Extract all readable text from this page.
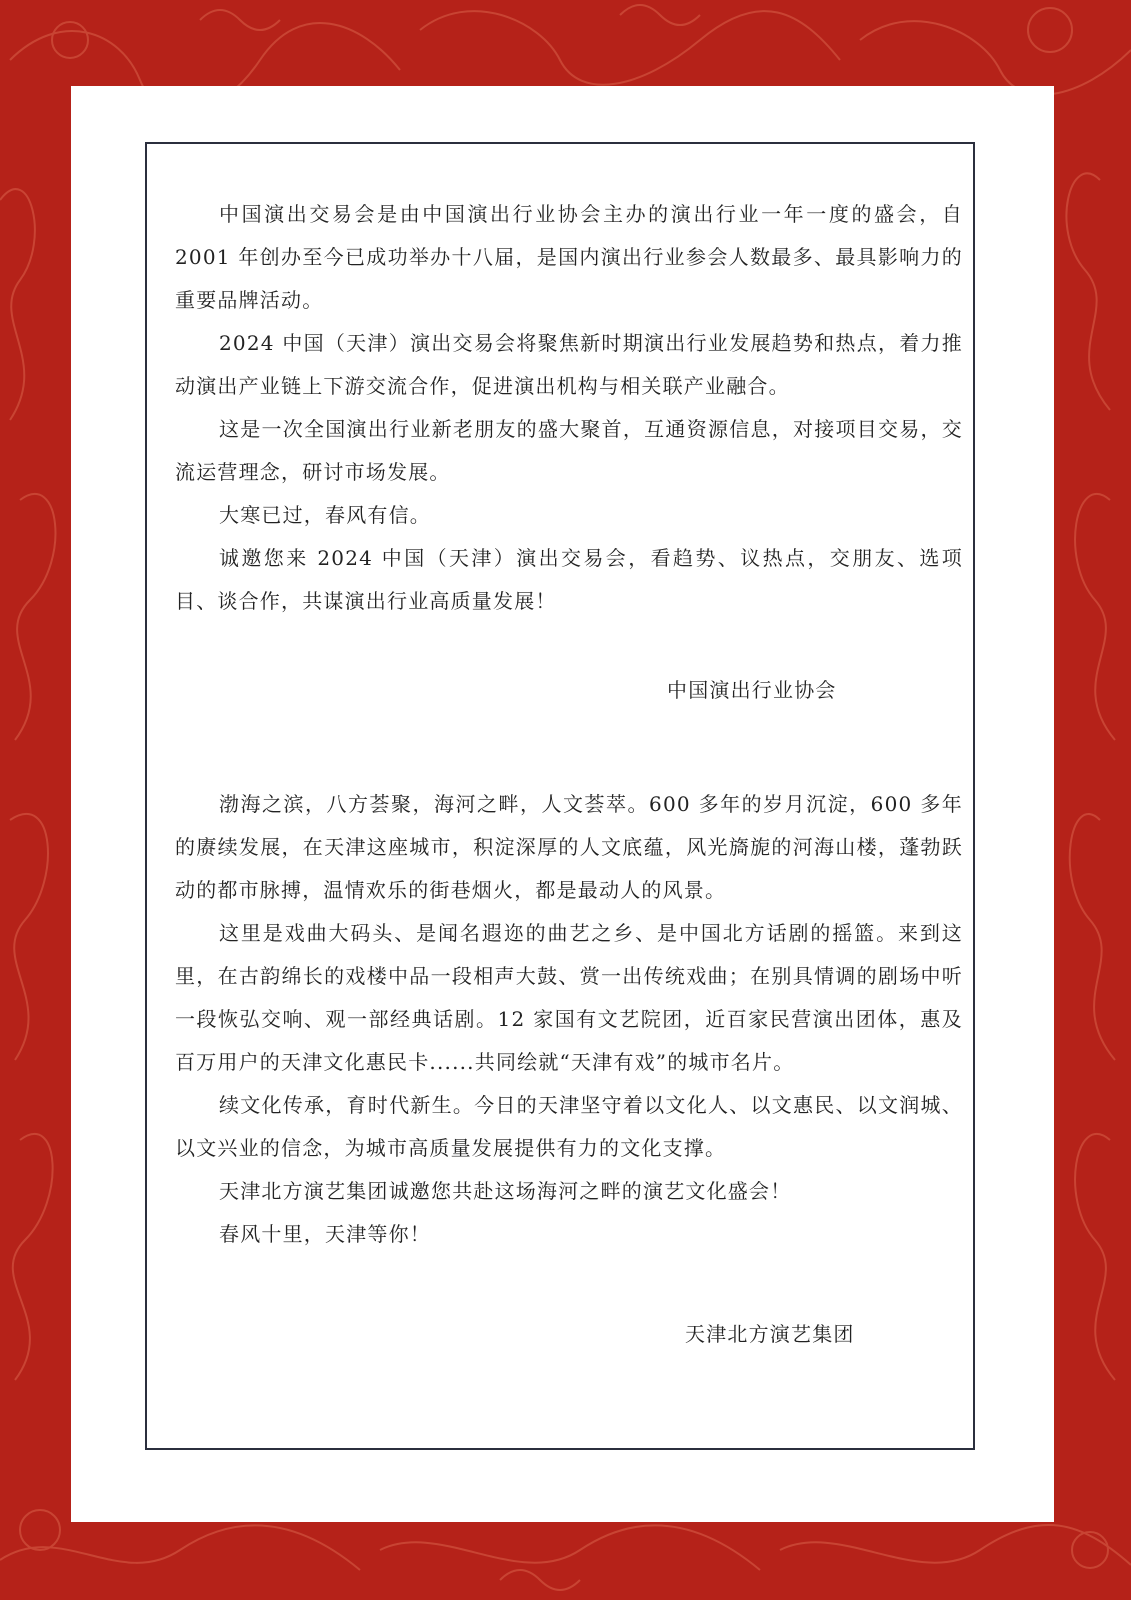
中国演出交易会是由中国演出行业协会主办的演出行业一年一度的盛会，自2001 年创办至今已成功举办十八届，是国内演出行业参会人数最多、最具影响力的重要品牌活动。

2024 中国（天津）演出交易会将聚焦新时期演出行业发展趋势和热点，着力推动演出产业链上下游交流合作，促进演出机构与相关联产业融合。

这是一次全国演出行业新老朋友的盛大聚首，互通资源信息，对接项目交易，交流运营理念，研讨市场发展。

大寒已过，春风有信。

诚邀您来 2024 中国（天津）演出交易会，看趋势、议热点，交朋友、选项目、谈合作，共谋演出行业高质量发展！

中国演出行业协会

渤海之滨，八方荟聚，海河之畔，人文荟萃。600 多年的岁月沉淀，600 多年的赓续发展，在天津这座城市，积淀深厚的人文底蕴，风光旖旎的河海山楼，蓬勃跃动的都市脉搏，温情欢乐的街巷烟火，都是最动人的风景。

这里是戏曲大码头、是闻名遐迩的曲艺之乡、是中国北方话剧的摇篮。来到这里，在古韵绵长的戏楼中品一段相声大鼓、赏一出传统戏曲；在别具情调的剧场中听一段恢弘交响、观一部经典话剧。12 家国有文艺院团，近百家民营演出团体，惠及百万用户的天津文化惠民卡......共同绘就“天津有戏”的城市名片。

续文化传承，育时代新生。今日的天津坚守着以文化人、以文惠民、以文润城、以文兴业的信念，为城市高质量发展提供有力的文化支撑。

天津北方演艺集团诚邀您共赴这场海河之畔的演艺文化盛会！

春风十里，天津等你！

天津北方演艺集团
